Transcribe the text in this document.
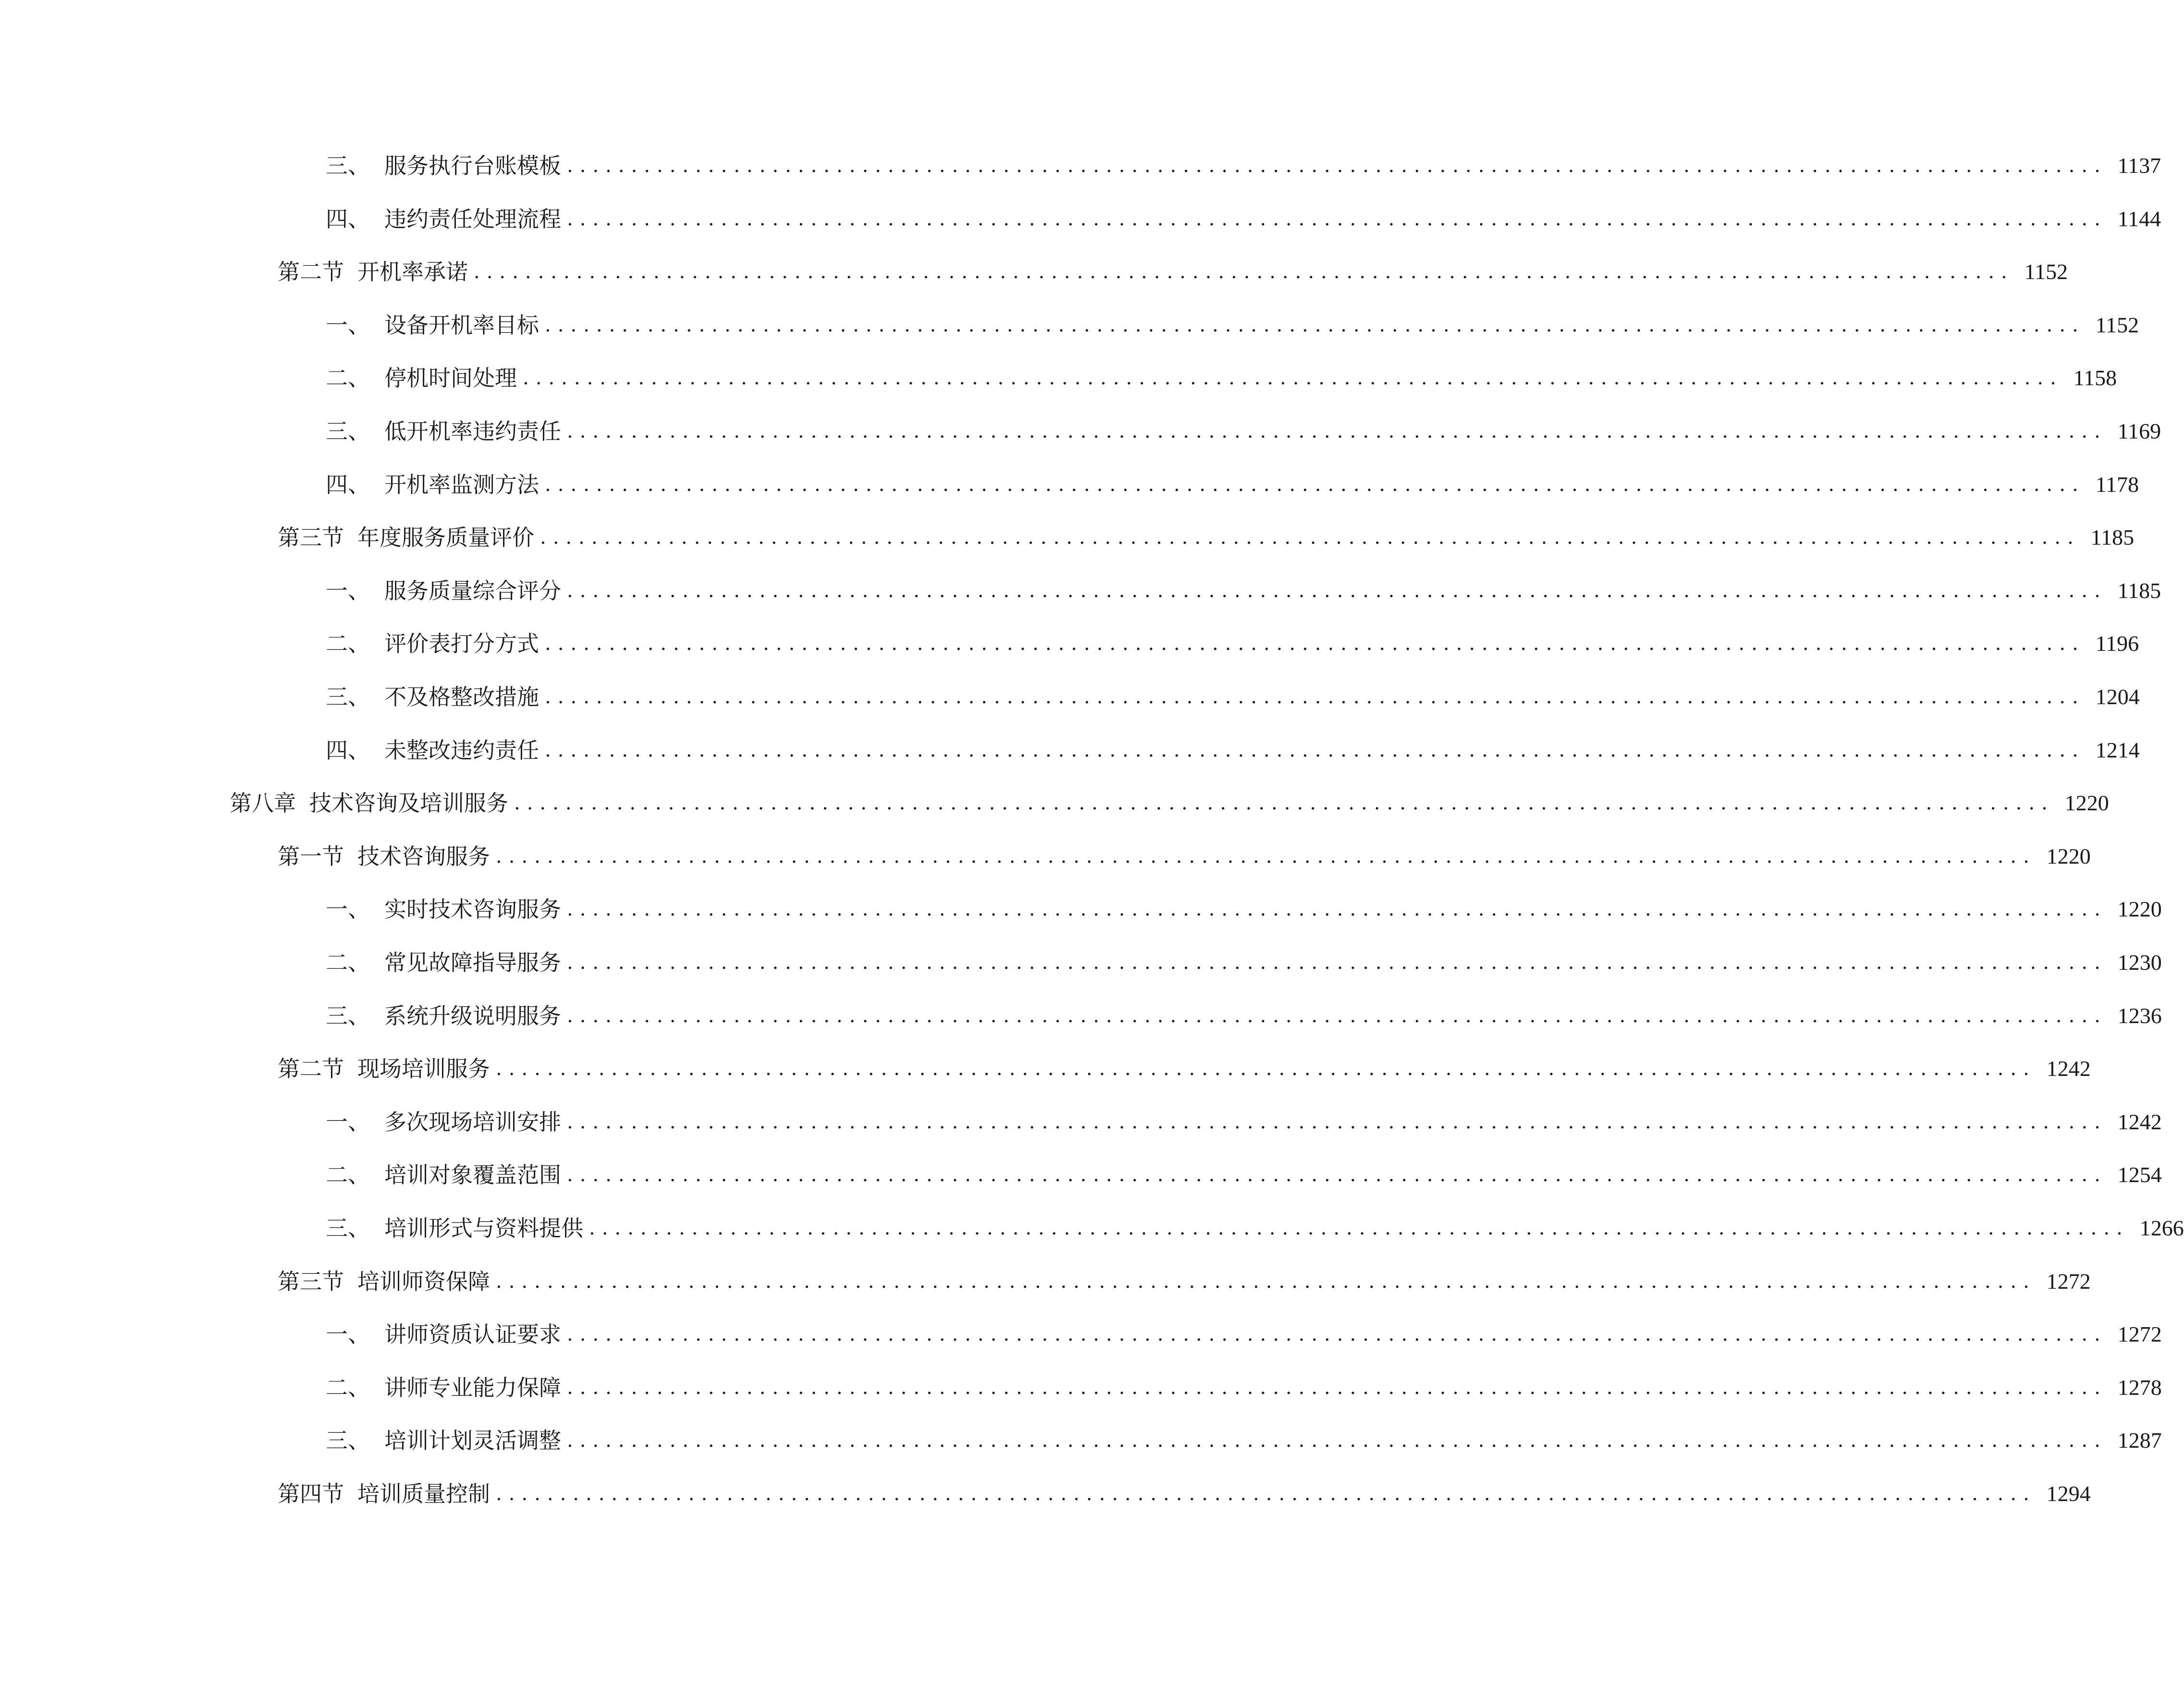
三、 服务执行台账模板 ........................................................................................................................ 1137
四、 违约责任处理流程 ........................................................................................................................ 1144
第二节 开机率承诺 ........................................................................................................................ 1152
一、 设备开机率目标 ........................................................................................................................ 1152
二、 停机时间处理 ........................................................................................................................ 1158
三、 低开机率违约责任 ........................................................................................................................ 1169
四、 开机率监测方法 ........................................................................................................................ 1178
第三节 年度服务质量评价 ........................................................................................................................ 1185
一、 服务质量综合评分 ........................................................................................................................ 1185
二、 评价表打分方式 ........................................................................................................................ 1196
三、 不及格整改措施 ........................................................................................................................ 1204
四、 未整改违约责任 ........................................................................................................................ 1214
第八章 技术咨询及培训服务 ........................................................................................................................ 1220
第一节 技术咨询服务 ........................................................................................................................ 1220
一、 实时技术咨询服务 ........................................................................................................................ 1220
二、 常见故障指导服务 ........................................................................................................................ 1230
三、 系统升级说明服务 ........................................................................................................................ 1236
第二节 现场培训服务 ........................................................................................................................ 1242
一、 多次现场培训安排 ........................................................................................................................ 1242
二、 培训对象覆盖范围 ........................................................................................................................ 1254
三、 培训形式与资料提供 ........................................................................................................................ 1266
第三节 培训师资保障 ........................................................................................................................ 1272
一、 讲师资质认证要求 ........................................................................................................................ 1272
二、 讲师专业能力保障 ........................................................................................................................ 1278
三、 培训计划灵活调整 ........................................................................................................................ 1287
第四节 培训质量控制 ........................................................................................................................ 1294
